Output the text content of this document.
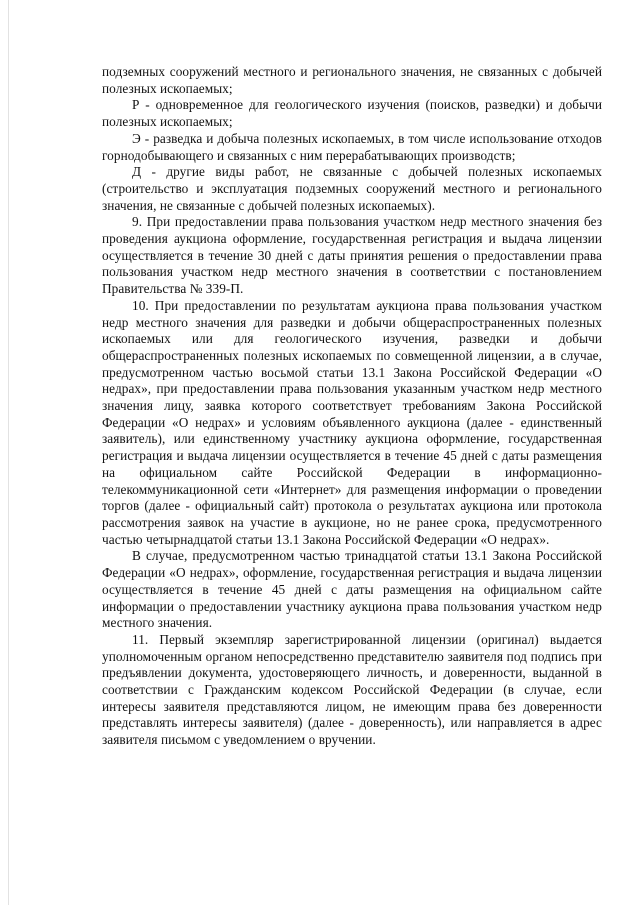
подземных сооружений местного и регионального значения, не связанных с добычей полезных ископаемых;

Р - одновременное для геологического изучения (поисков, разведки) и добычи полезных ископаемых;

Э - разведка и добыча полезных ископаемых, в том числе использование отходов горнодобывающего и связанных с ним перерабатывающих производств;

Д - другие виды работ, не связанные с добычей полезных ископаемых (строительство и эксплуатация подземных сооружений местного и регионального значения, не связанные с добычей полезных ископаемых).

9. При предоставлении права пользования участком недр местного значения без проведения аукциона оформление, государственная регистрация и выдача лицензии осуществляется в течение 30 дней с даты принятия решения о предоставлении права пользования участком недр местного значения в соответствии с постановлением Правительства № 339-П.

10. При предоставлении по результатам аукциона права пользования участком недр местного значения для разведки и добычи общераспространенных полезных ископаемых или для геологического изучения, разведки и добычи общераспространенных полезных ископаемых по совмещенной лицензии, а в случае, предусмотренном частью восьмой статьи 13.1 Закона Российской Федерации «О недрах», при предоставлении права пользования указанным участком недр местного значения лицу, заявка которого соответствует требованиям Закона Российской Федерации «О недрах» и условиям объявленного аукциона (далее - единственный заявитель), или единственному участнику аукциона оформление, государственная регистрация и выдача лицензии осуществляется в течение 45 дней с даты размещения на официальном сайте Российской Федерации в информационно-телекоммуникационной сети «Интернет» для размещения информации о проведении торгов (далее - официальный сайт) протокола о результатах аукциона или протокола рассмотрения заявок на участие в аукционе, но не ранее срока, предусмотренного частью четырнадцатой статьи 13.1 Закона Российской Федерации «О недрах».

В случае, предусмотренном частью тринадцатой статьи 13.1 Закона Российской Федерации «О недрах», оформление, государственная регистрация и выдача лицензии осуществляется в течение 45 дней с даты размещения на официальном сайте информации о предоставлении участнику аукциона права пользования участком недр местного значения.

11. Первый экземпляр зарегистрированной лицензии (оригинал) выдается уполномоченным органом непосредственно представителю заявителя под подпись при предъявлении документа, удостоверяющего личность, и доверенности, выданной в соответствии с Гражданским кодексом Российской Федерации (в случае, если интересы заявителя представляются лицом, не имеющим права без доверенности представлять интересы заявителя) (далее - доверенность), или направляется в адрес заявителя письмом с уведомлением о вручении.
